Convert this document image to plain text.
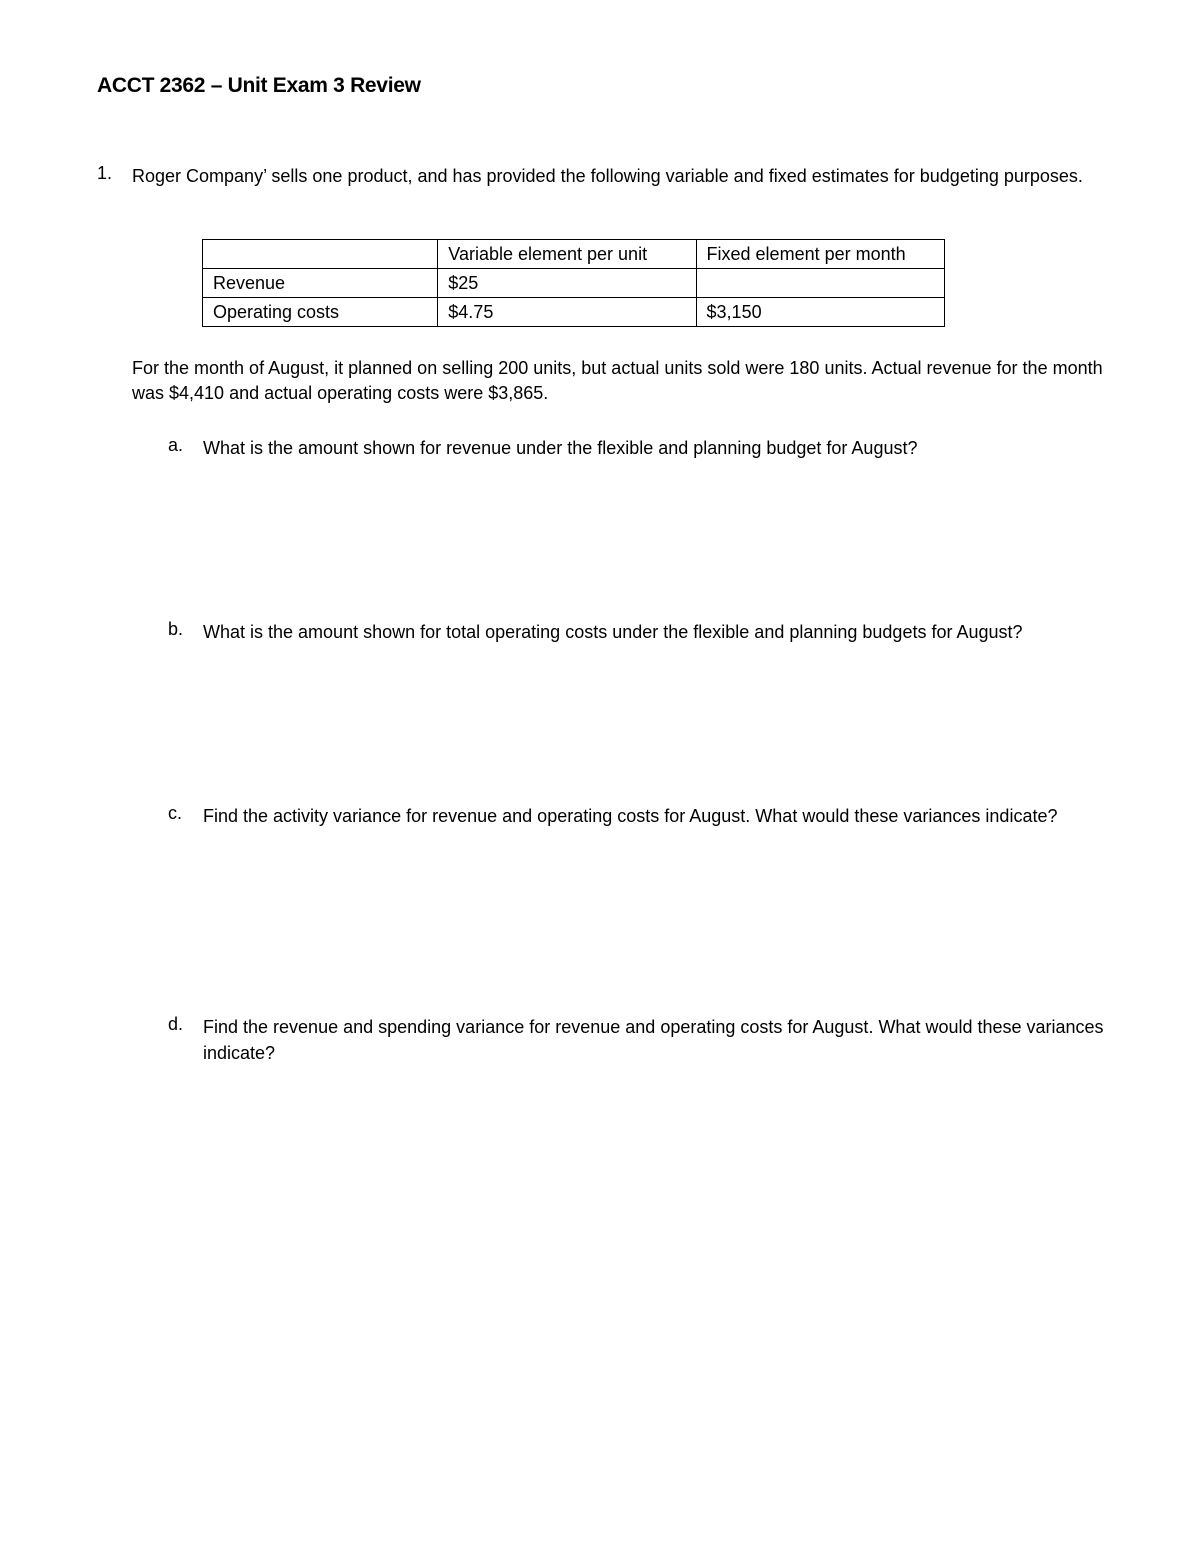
ACCT 2362 – Unit Exam 3 Review
1. Roger Company’ sells one product, and has provided the following variable and fixed estimates for budgeting purposes.
	Variable element per unit	Fixed element per month
Revenue	$25	
Operating costs	$4.75	$3,150
For the month of August, it planned on selling 200 units, but actual units sold were 180 units. Actual revenue for the month was $4,410 and actual operating costs were $3,865.
a. What is the amount shown for revenue under the flexible and planning budget for August?
b. What is the amount shown for total operating costs under the flexible and planning budgets for August?
c. Find the activity variance for revenue and operating costs for August. What would these variances indicate?
d. Find the revenue and spending variance for revenue and operating costs for August. What would these variances indicate?
